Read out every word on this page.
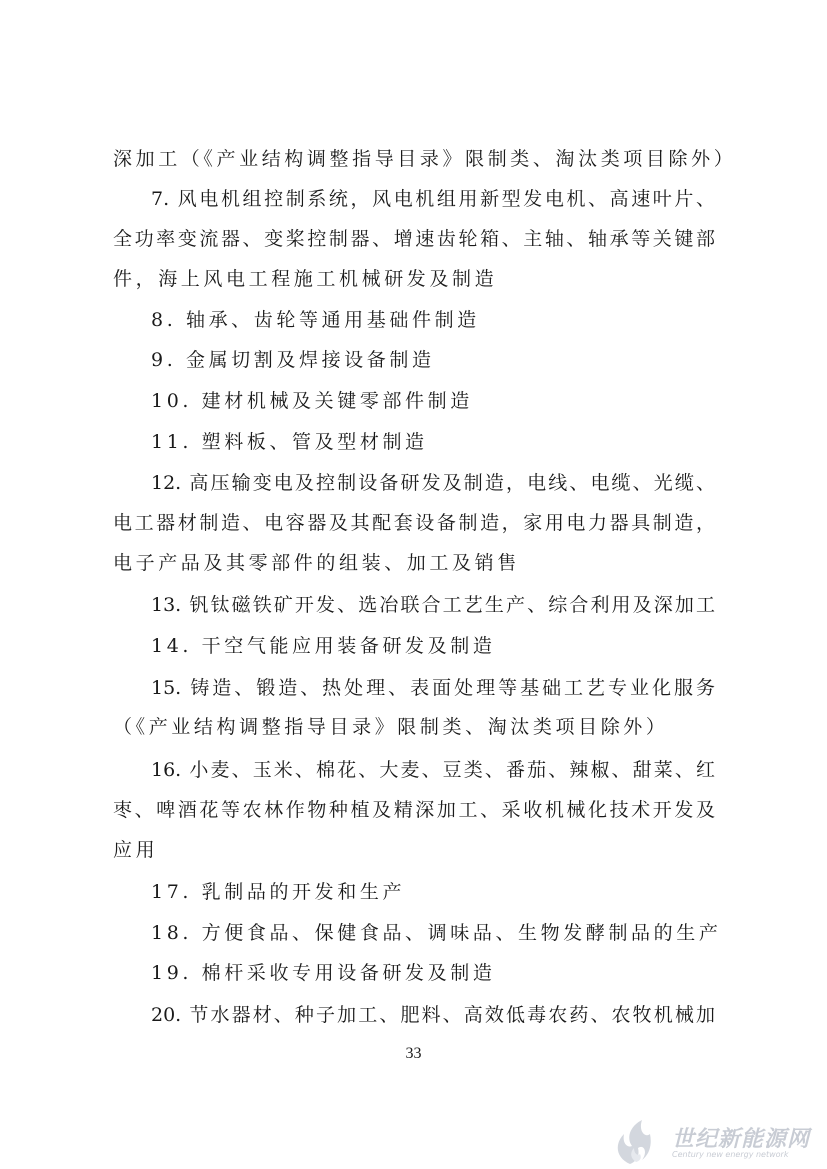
深加工（《产业结构调整指导目录》限制类、淘汰类项目除外）
7. 风电机组控制系统，风电机组用新型发电机、高速叶片、
全功率变流器、变桨控制器、增速齿轮箱、主轴、轴承等关键部
件，海上风电工程施工机械研发及制造
8. 轴承、齿轮等通用基础件制造
9. 金属切割及焊接设备制造
10. 建材机械及关键零部件制造
11. 塑料板、管及型材制造
12. 高压输变电及控制设备研发及制造，电线、电缆、光缆、
电工器材制造、电容器及其配套设备制造，家用电力器具制造，
电子产品及其零部件的组装、加工及销售
13. 钒钛磁铁矿开发、选冶联合工艺生产、综合利用及深加工
14. 干空气能应用装备研发及制造
15. 铸造、锻造、热处理、表面处理等基础工艺专业化服务
（《产业结构调整指导目录》限制类、淘汰类项目除外）
16. 小麦、玉米、棉花、大麦、豆类、番茄、辣椒、甜菜、红
枣、啤酒花等农林作物种植及精深加工、采收机械化技术开发及
应用
17. 乳制品的开发和生产
18. 方便食品、保健食品、调味品、生物发酵制品的生产
19. 棉杆采收专用设备研发及制造
20. 节水器材、种子加工、肥料、高效低毒农药、农牧机械加
33
世纪新能源网
Century new energy network
